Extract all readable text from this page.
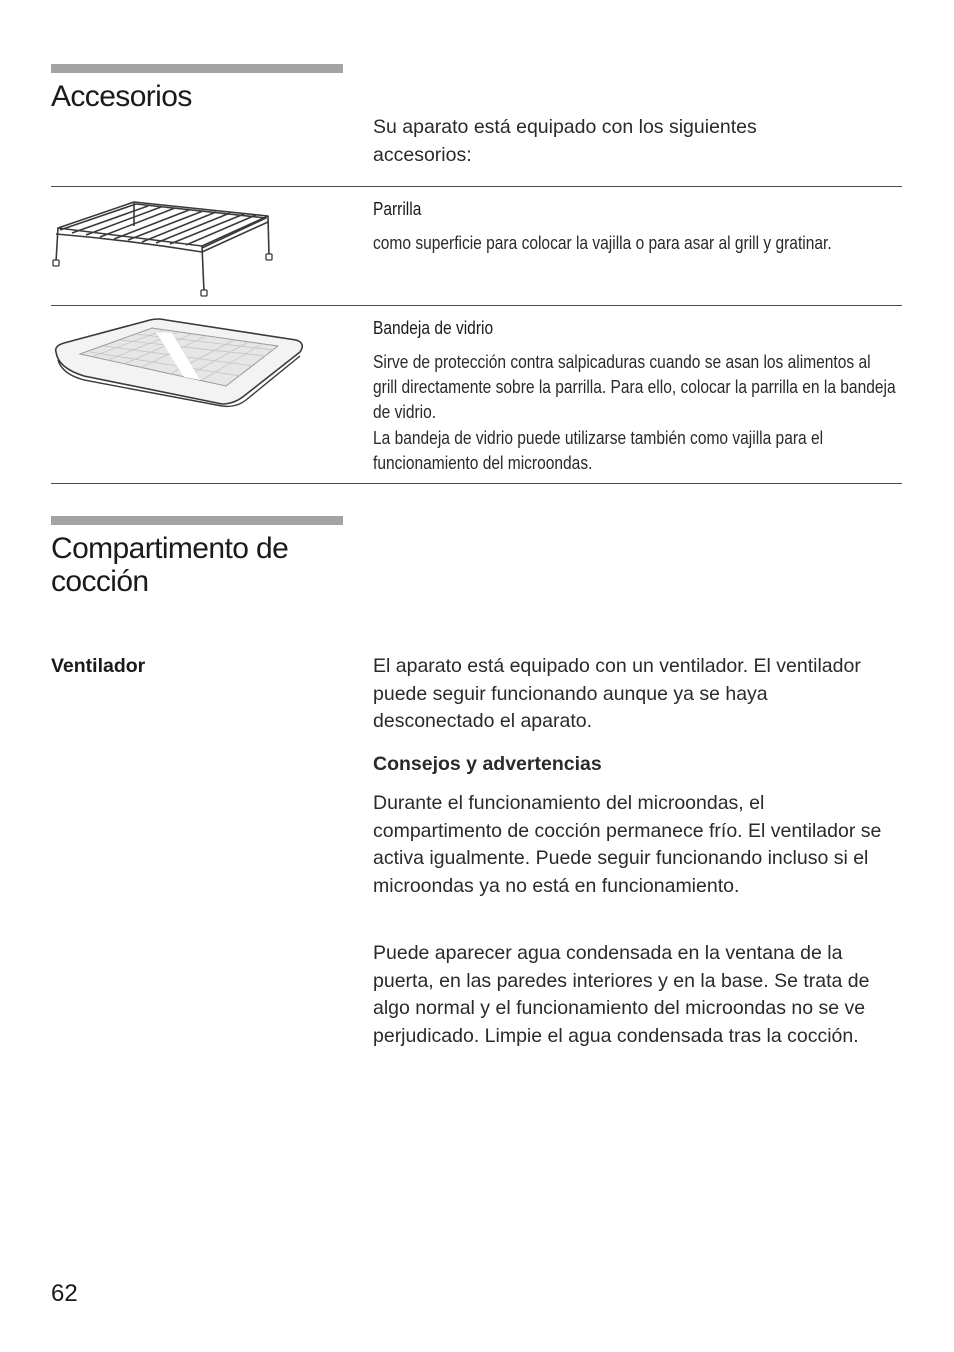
Accesorios
Su aparato está equipado con los siguientes accesorios:
Parrilla
como superficie para colocar la vajilla o para asar al grill y gratinar.
Bandeja de vidrio
Sirve de protección contra salpicaduras cuando se asan los alimentos al grill directamente sobre la parrilla. Para ello, colocar la parrilla en la bandeja de vidrio.
La bandeja de vidrio puede utilizarse también como vajilla para el funcionamiento del microondas.
Compartimento de
cocción
Ventilador	El aparato está equipado con un ventilador. El ventilador puede seguir funcionando aunque ya se haya desconectado el aparato.
Consejos y advertencias
Durante el funcionamiento del microondas, el compartimento de cocción permanece frío. El ventilador se activa igualmente. Puede seguir funcionando incluso si el microondas ya no está en funcionamiento.
Puede aparecer agua condensada en la ventana de la puerta, en las paredes interiores y en la base. Se trata de algo normal y el funcionamiento del microondas no se ve perjudicado. Limpie el agua condensada tras la cocción.
62
